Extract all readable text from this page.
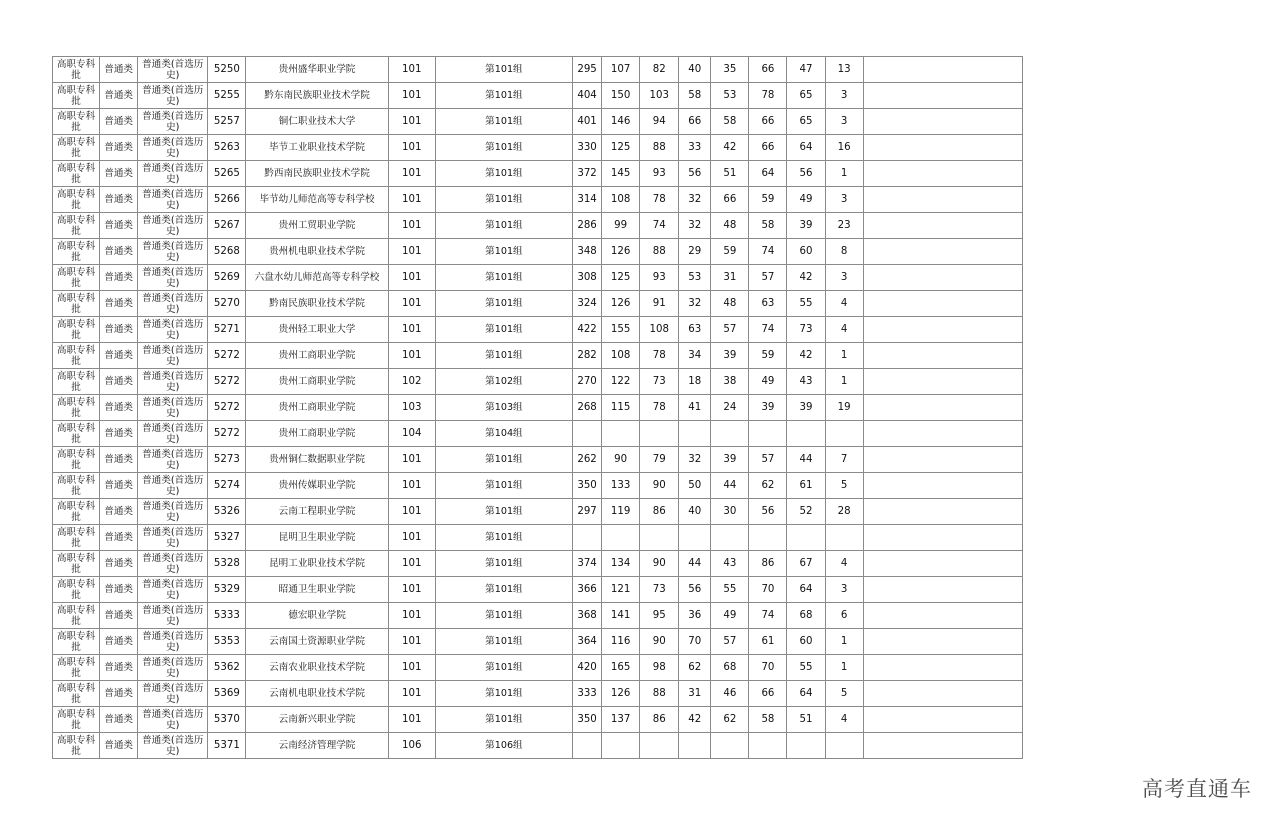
高职专科批	普通类	普通类(首选历史)	5250	贵州盛华职业学院	101	第101组	295	107	82	40	35	66	47	13	
高职专科批	普通类	普通类(首选历史)	5255	黔东南民族职业技术学院	101	第101组	404	150	103	58	53	78	65	3	
高职专科批	普通类	普通类(首选历史)	5257	铜仁职业技术大学	101	第101组	401	146	94	66	58	66	65	3	
高职专科批	普通类	普通类(首选历史)	5263	毕节工业职业技术学院	101	第101组	330	125	88	33	42	66	64	16	
高职专科批	普通类	普通类(首选历史)	5265	黔西南民族职业技术学院	101	第101组	372	145	93	56	51	64	56	1	
高职专科批	普通类	普通类(首选历史)	5266	毕节幼儿师范高等专科学校	101	第101组	314	108	78	32	66	59	49	3	
高职专科批	普通类	普通类(首选历史)	5267	贵州工贸职业学院	101	第101组	286	99	74	32	48	58	39	23	
高职专科批	普通类	普通类(首选历史)	5268	贵州机电职业技术学院	101	第101组	348	126	88	29	59	74	60	8	
高职专科批	普通类	普通类(首选历史)	5269	六盘水幼儿师范高等专科学校	101	第101组	308	125	93	53	31	57	42	3	
高职专科批	普通类	普通类(首选历史)	5270	黔南民族职业技术学院	101	第101组	324	126	91	32	48	63	55	4	
高职专科批	普通类	普通类(首选历史)	5271	贵州轻工职业大学	101	第101组	422	155	108	63	57	74	73	4	
高职专科批	普通类	普通类(首选历史)	5272	贵州工商职业学院	101	第101组	282	108	78	34	39	59	42	1	
高职专科批	普通类	普通类(首选历史)	5272	贵州工商职业学院	102	第102组	270	122	73	18	38	49	43	1	
高职专科批	普通类	普通类(首选历史)	5272	贵州工商职业学院	103	第103组	268	115	78	41	24	39	39	19	
高职专科批	普通类	普通类(首选历史)	5272	贵州工商职业学院	104	第104组									
高职专科批	普通类	普通类(首选历史)	5273	贵州铜仁数据职业学院	101	第101组	262	90	79	32	39	57	44	7	
高职专科批	普通类	普通类(首选历史)	5274	贵州传媒职业学院	101	第101组	350	133	90	50	44	62	61	5	
高职专科批	普通类	普通类(首选历史)	5326	云南工程职业学院	101	第101组	297	119	86	40	30	56	52	28	
高职专科批	普通类	普通类(首选历史)	5327	昆明卫生职业学院	101	第101组									
高职专科批	普通类	普通类(首选历史)	5328	昆明工业职业技术学院	101	第101组	374	134	90	44	43	86	67	4	
高职专科批	普通类	普通类(首选历史)	5329	昭通卫生职业学院	101	第101组	366	121	73	56	55	70	64	3	
高职专科批	普通类	普通类(首选历史)	5333	德宏职业学院	101	第101组	368	141	95	36	49	74	68	6	
高职专科批	普通类	普通类(首选历史)	5353	云南国土资源职业学院	101	第101组	364	116	90	70	57	61	60	1	
高职专科批	普通类	普通类(首选历史)	5362	云南农业职业技术学院	101	第101组	420	165	98	62	68	70	55	1	
高职专科批	普通类	普通类(首选历史)	5369	云南机电职业技术学院	101	第101组	333	126	88	31	46	66	64	5	
高职专科批	普通类	普通类(首选历史)	5370	云南新兴职业学院	101	第101组	350	137	86	42	62	58	51	4	
高职专科批	普通类	普通类(首选历史)	5371	云南经济管理学院	106	第106组									
高考直通车
